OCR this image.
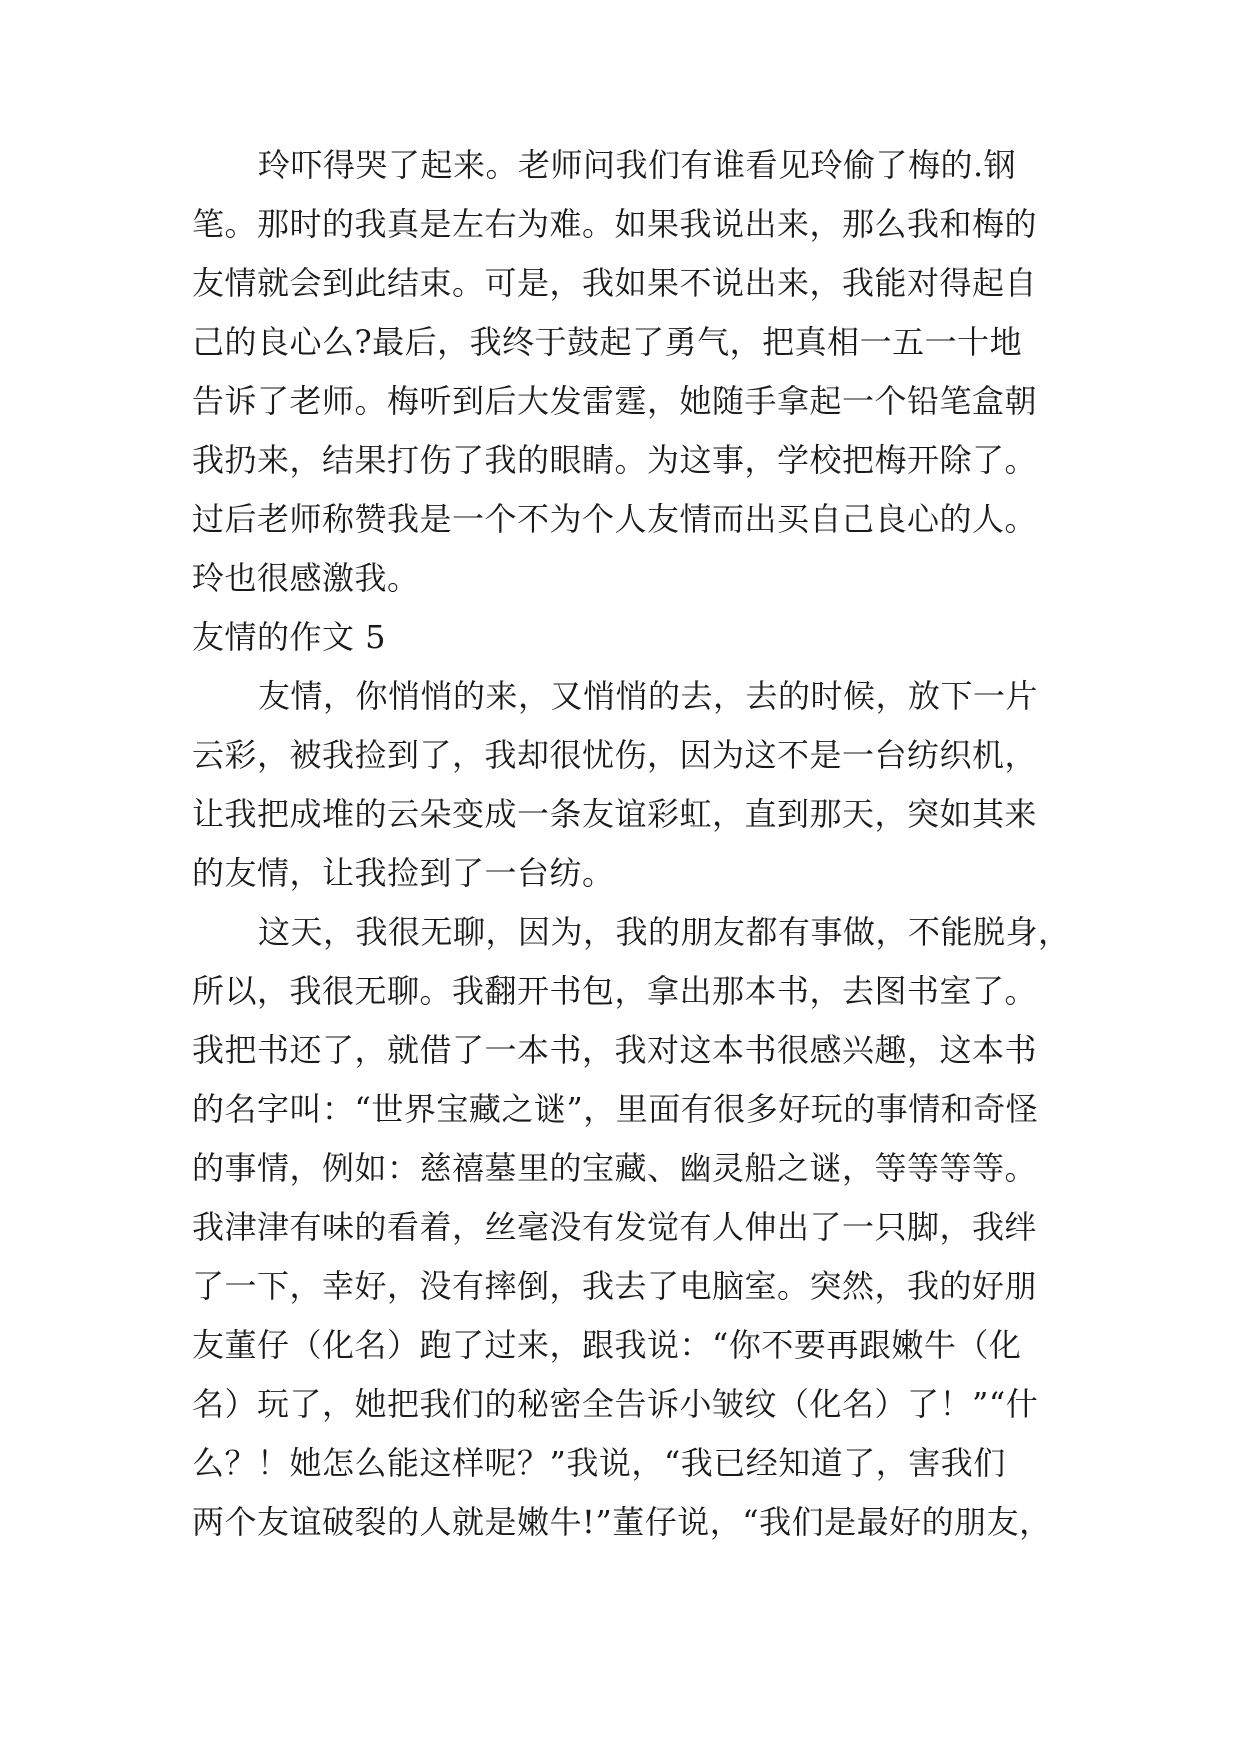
玲吓得哭了起来。老师问我们有谁看见玲偷了梅的.钢
笔。那时的我真是左右为难。如果我说出来，那么我和梅的
友情就会到此结束。可是，我如果不说出来，我能对得起自
己的良心么?最后，我终于鼓起了勇气，把真相一五一十地
告诉了老师。梅听到后大发雷霆，她随手拿起一个铅笔盒朝
我扔来，结果打伤了我的眼睛。为这事，学校把梅开除了。
过后老师称赞我是一个不为个人友情而出买自己良心的人。
玲也很感激我。
友情的作文 5
友情，你悄悄的来，又悄悄的去，去的时候，放下一片
云彩，被我捡到了，我却很忧伤，因为这不是一台纺织机，
让我把成堆的云朵变成一条友谊彩虹，直到那天，突如其来
的友情，让我捡到了一台纺。
这天，我很无聊，因为，我的朋友都有事做，不能脱身，
所以，我很无聊。我翻开书包，拿出那本书，去图书室了。
我把书还了，就借了一本书，我对这本书很感兴趣，这本书
的名字叫：“世界宝藏之谜”，里面有很多好玩的事情和奇怪
的事情，例如：慈禧墓里的宝藏、幽灵船之谜，等等等等。
我津津有味的看着，丝毫没有发觉有人伸出了一只脚，我绊
了一下，幸好，没有摔倒，我去了电脑室。突然，我的好朋
友董仔（化名）跑了过来，跟我说：“你不要再跟嫩牛（化
名）玩了，她把我们的秘密全告诉小皱纹（化名）了！”“什
么？！她怎么能这样呢？”我说，“我已经知道了，害我们
两个友谊破裂的人就是嫩牛!”董仔说，“我们是最好的朋友，
